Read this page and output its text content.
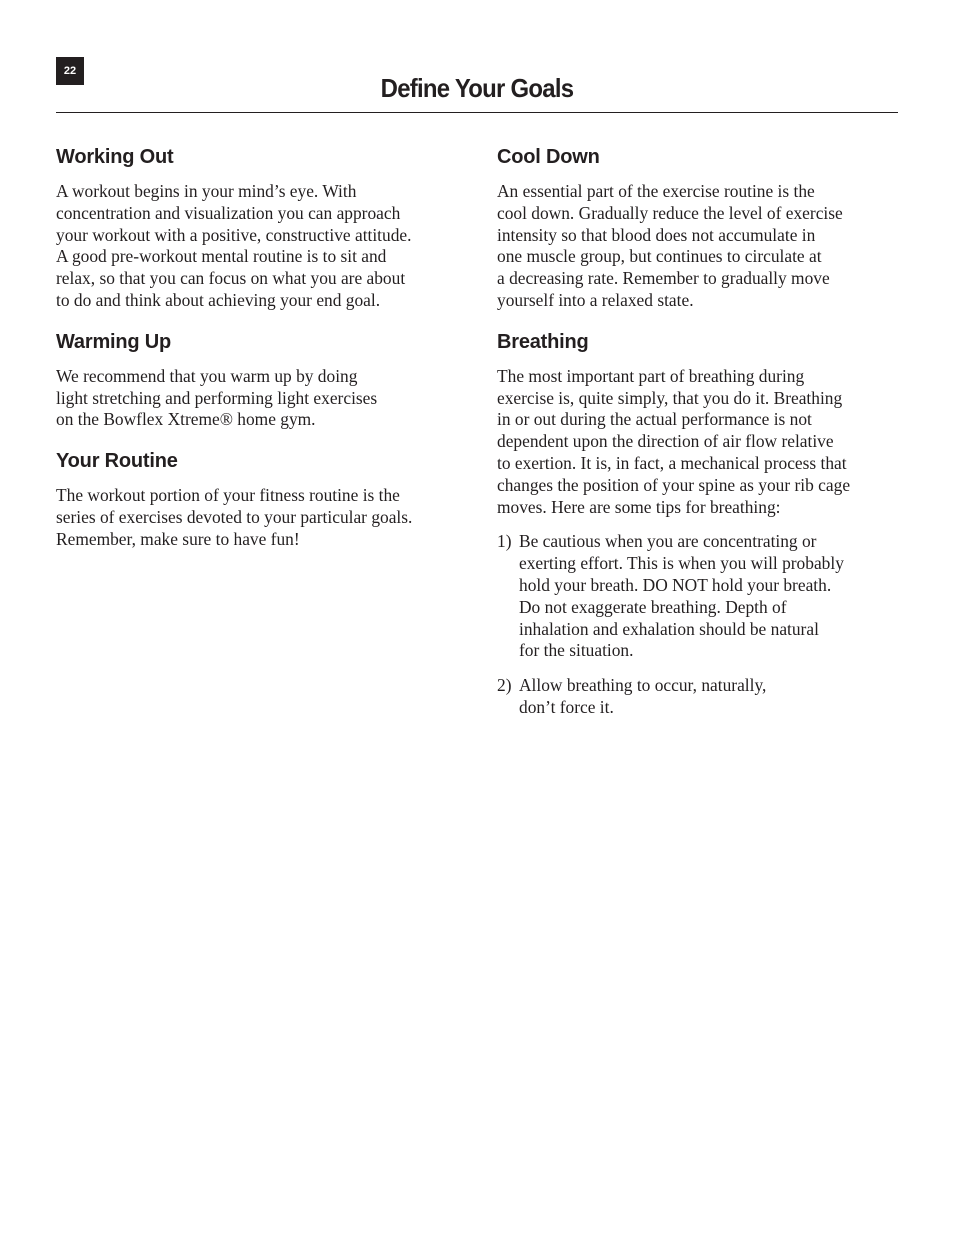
22
Define Your Goals
Working Out

A workout begins in your mind’s eye. With
concentration and visualization you can approach
your workout with a positive, constructive attitude.
A good pre-workout mental routine is to sit and
relax, so that you can focus on what you are about
to do and think about achieving your end goal.

Warming Up

We recommend that you warm up by doing
light stretching and performing light exercises
on the Bowflex Xtreme® home gym.

Your Routine

The workout portion of your fitness routine is the
series of exercises devoted to your particular goals.
Remember, make sure to have fun!

Cool Down

An essential part of the exercise routine is the
cool down. Gradually reduce the level of exercise
intensity so that blood does not accumulate in
one muscle group, but continues to circulate at
a decreasing rate. Remember to gradually move
yourself into a relaxed state.

Breathing

The most important part of breathing during
exercise is, quite simply, that you do it. Breathing
in or out during the actual performance is not
dependent upon the direction of air flow relative
to exertion. It is, in fact, a mechanical process that
changes the position of your spine as your rib cage
moves. Here are some tips for breathing:

1) Be cautious when you are concentrating or
exerting effort. This is when you will probably
hold your breath. DO NOT hold your breath.
Do not exaggerate breathing. Depth of
inhalation and exhalation should be natural
for the situation.
2) Allow breathing to occur, naturally,
don’t force it.
